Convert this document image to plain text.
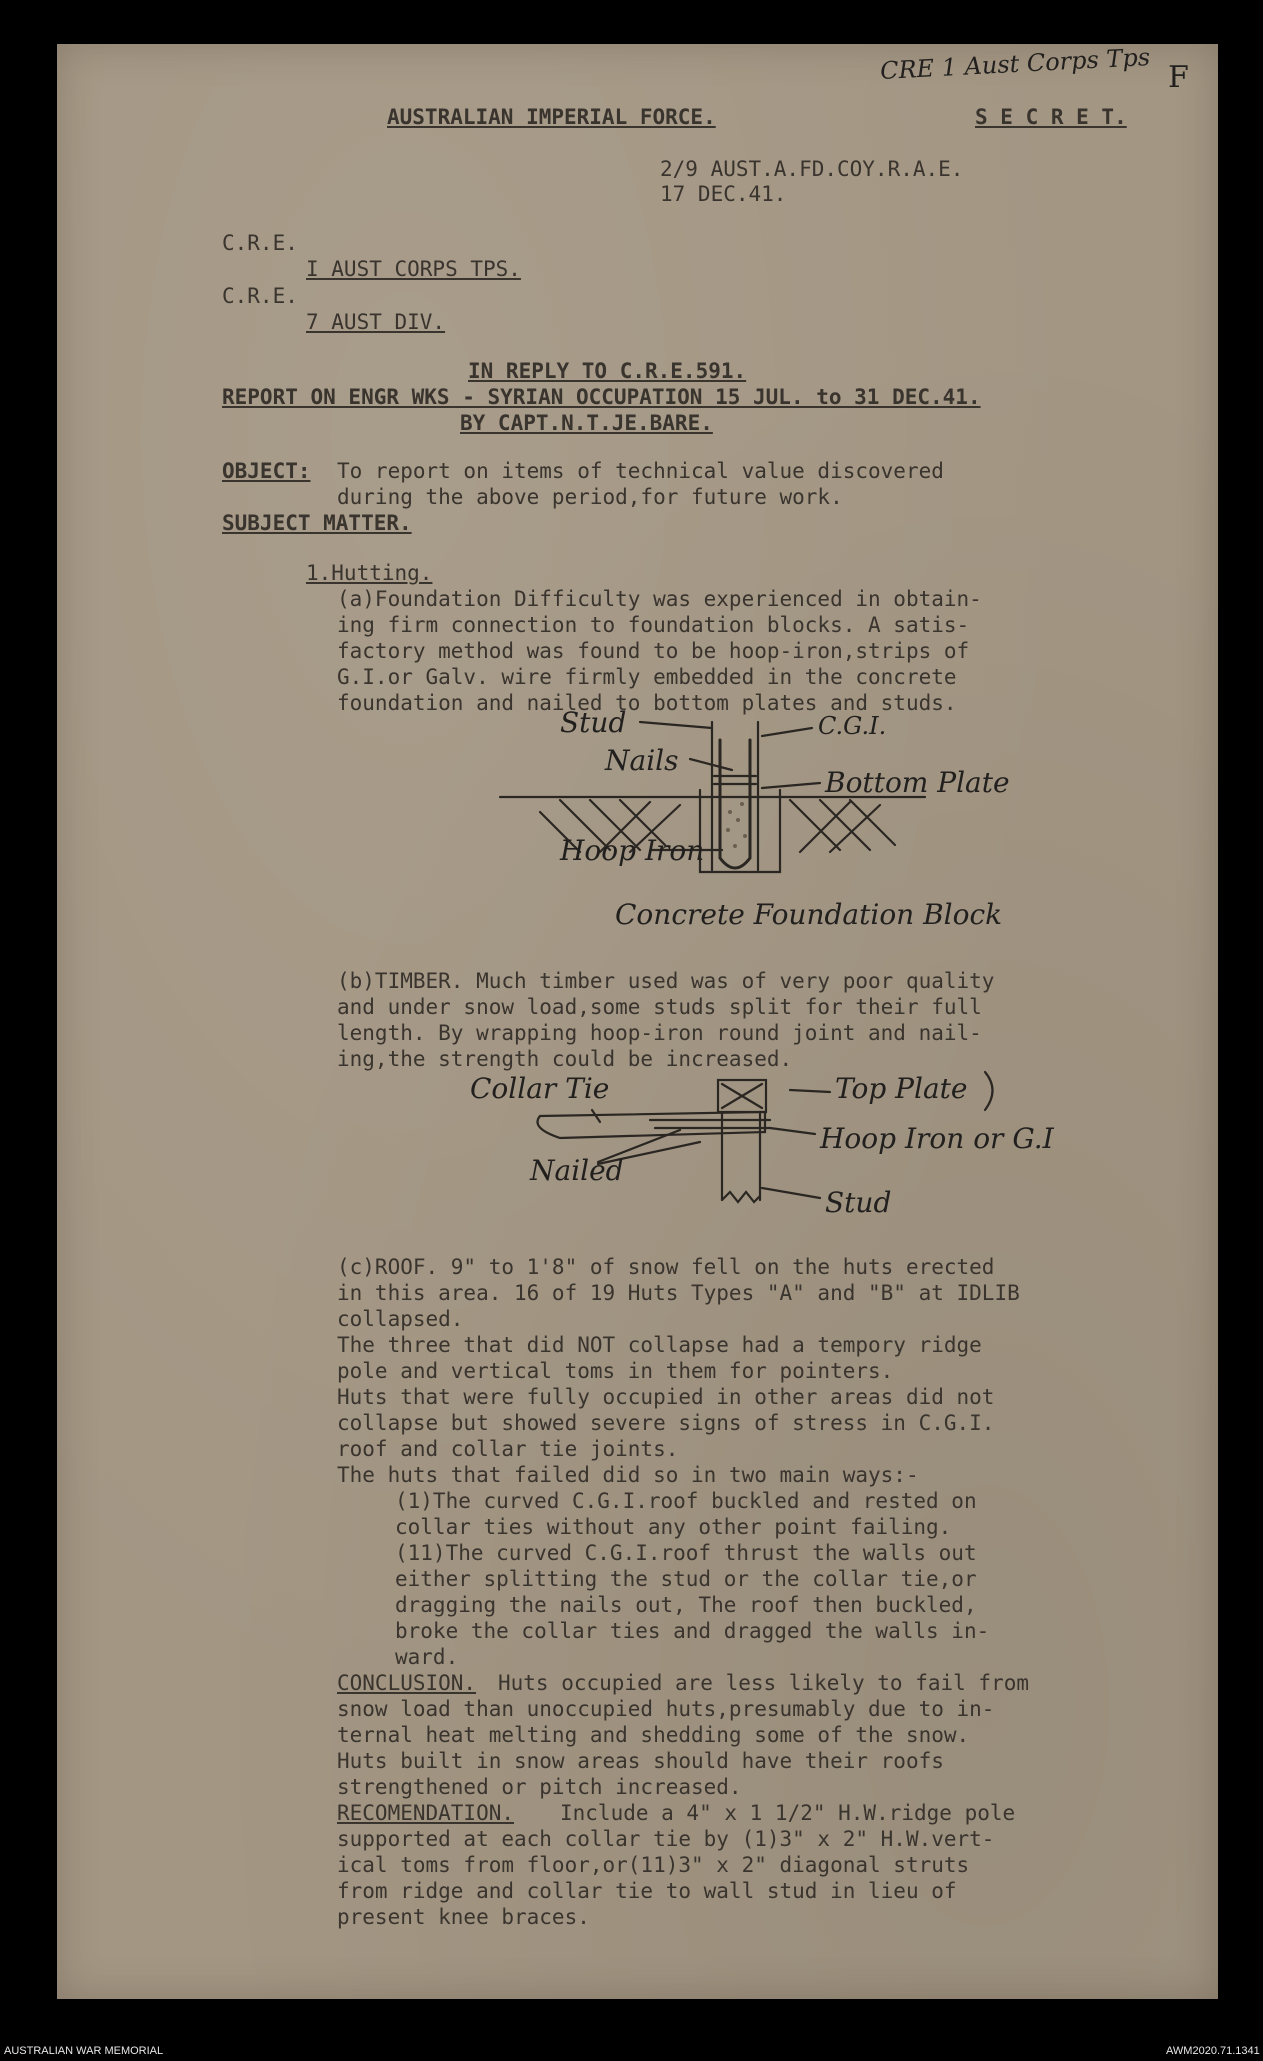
CRE 1 Aust Corps Tps F
AUSTRALIAN IMPERIAL FORCE.	S E C R E T.
2/9 AUST.A.FD.COY.R.A.E.
17 DEC.41.
C.R.E.
I AUST CORPS TPS.
C.R.E.
7 AUST DIV.
IN REPLY TO C.R.E.591.
REPORT ON ENGR WKS - SYRIAN OCCUPATION 15 JUL. to 31 DEC.41.
BY CAPT.N.T.JE.BARE.
OBJECT: To report on items of technical value discovered
during the above period,for future work.
SUBJECT MATTER.
1.Hutting.
(a)Foundation Difficulty was experienced in obtain-
ing firm connection to foundation blocks. A satis-
factory method was found to be hoop-iron,strips of
G.I.or Galv. wire firmly embedded in the concrete
foundation and nailed to bottom plates and studs.
Stud	C.G.I.
Nails
Bottom Plate
Hoop Iron
Concrete Foundation Block
(b)TIMBER. Much timber used was of very poor quality
and under snow load,some studs split for their full
length. By wrapping hoop-iron round joint and nail-
ing,the strength could be increased.
Collar Tie	Top Plate
Hoop Iron or G.I
Nailed
Stud
(c)ROOF. 9" to 1'8" of snow fell on the huts erected
in this area. 16 of 19 Huts Types "A" and "B" at IDLIB
collapsed.
The three that did NOT collapse had a tempory ridge
pole and vertical toms in them for pointers.
Huts that were fully occupied in other areas did not
collapse but showed severe signs of stress in C.G.I.
roof and collar tie joints.
The huts that failed did so in two main ways:-
(1)The curved C.G.I.roof buckled and rested on
collar ties without any other point failing.
(11)The curved C.G.I.roof thrust the walls out
either splitting the stud or the collar tie,or
dragging the nails out, The roof then buckled,
broke the collar ties and dragged the walls in-
ward.
CONCLUSION. Huts occupied are less likely to fail from
snow load than unoccupied huts,presumably due to in-
ternal heat melting and shedding some of the snow.
Huts built in snow areas should have their roofs
strengthened or pitch increased.
RECOMENDATION. Include a 4" x 1 1/2" H.W.ridge pole
supported at each collar tie by (1)3" x 2" H.W.vert-
ical toms from floor,or(11)3" x 2" diagonal struts
from ridge and collar tie to wall stud in lieu of
present knee braces.
AUSTRALIAN WAR MEMORIAL	AWM2020.71.1341
